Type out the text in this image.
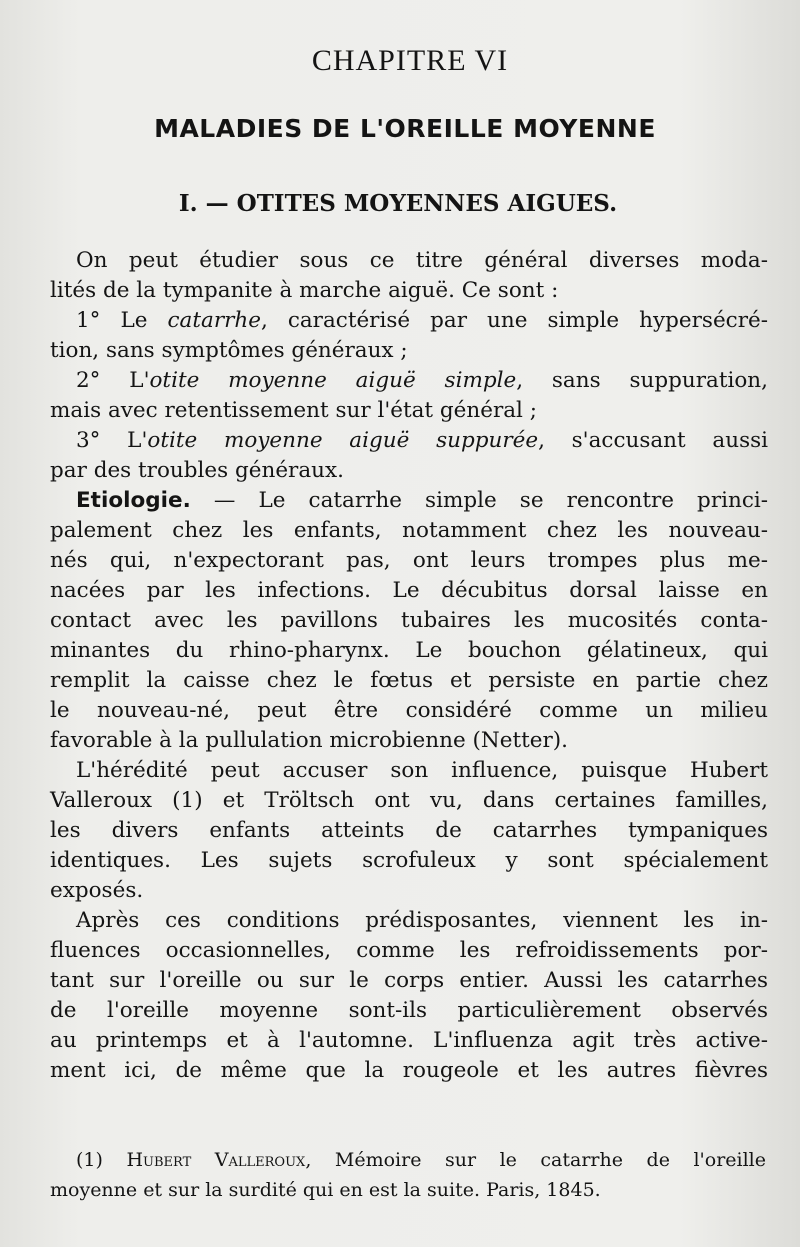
CHAPITRE VI
MALADIES DE L'OREILLE MOYENNE
I. — OTITES MOYENNES AIGUES.
On peut étudier sous ce titre général diverses moda-
lités de la tympanite à marche aiguë. Ce sont :
1° Le catarrhe, caractérisé par une simple hypersécré-
tion, sans symptômes généraux ;
2° L'otite moyenne aiguë simple, sans suppuration,
mais avec retentissement sur l'état général ;
3° L'otite moyenne aiguë suppurée, s'accusant aussi
par des troubles généraux.
Etiologie. — Le catarrhe simple se rencontre princi-
palement chez les enfants, notamment chez les nouveau-
nés qui, n'expectorant pas, ont leurs trompes plus me-
nacées par les infections. Le décubitus dorsal laisse en
contact avec les pavillons tubaires les mucosités conta-
minantes du rhino-pharynx. Le bouchon gélatineux, qui
remplit la caisse chez le fœtus et persiste en partie chez
le nouveau-né, peut être considéré comme un milieu
favorable à la pullulation microbienne (Netter).
L'hérédité peut accuser son influence, puisque Hubert
Valleroux (1) et Tröltsch ont vu, dans certaines familles,
les divers enfants atteints de catarrhes tympaniques
identiques. Les sujets scrofuleux y sont spécialement
exposés.
Après ces conditions prédisposantes, viennent les in-
fluences occasionnelles, comme les refroidissements por-
tant sur l'oreille ou sur le corps entier. Aussi les catarrhes
de l'oreille moyenne sont-ils particulièrement observés
au printemps et à l'automne. L'influenza agit très active-
ment ici, de même que la rougeole et les autres fièvres
(1) Hubert Valleroux, Mémoire sur le catarrhe de l'oreille
moyenne et sur la surdité qui en est la suite. Paris, 1845.
